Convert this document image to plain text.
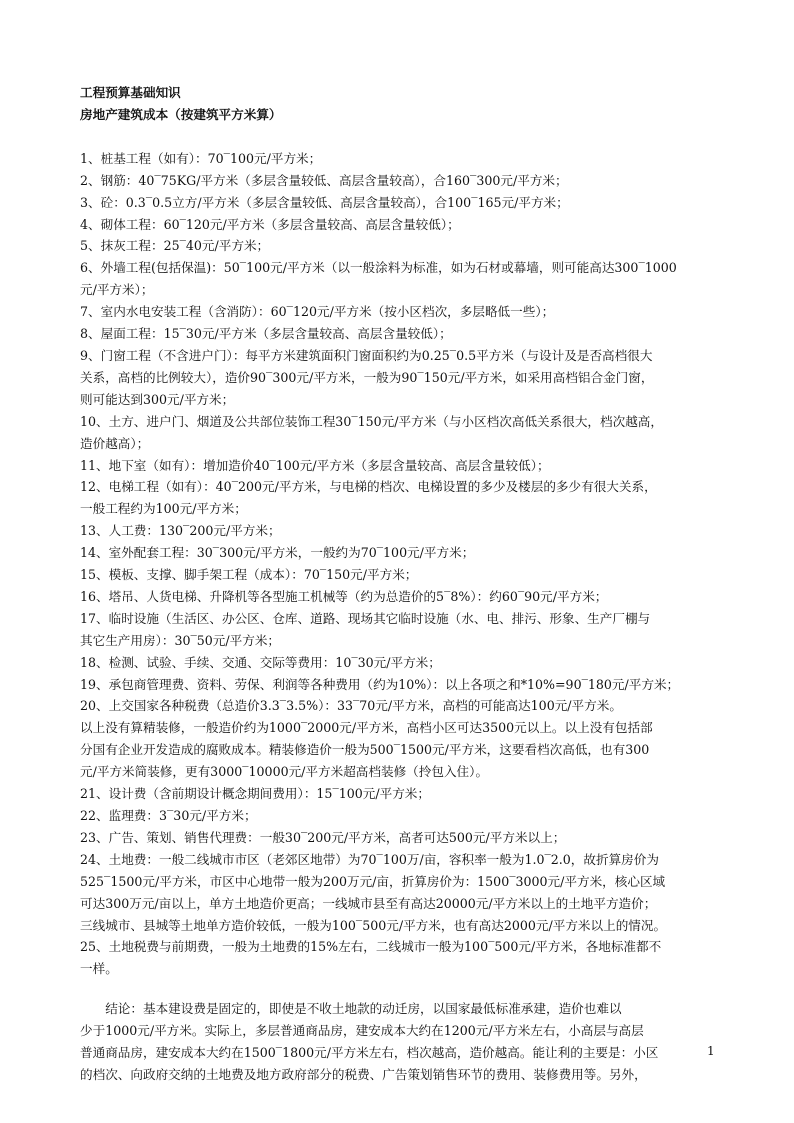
工程预算基础知识

房地产建筑成本（按建筑平方米算）

1、桩基工程（如有）：70‾100元/平方米；

2、钢筋：40‾75KG/平方米（多层含量较低、高层含量较高），合160‾300元/平方米；

3、砼：0.3‾0.5立方/平方米（多层含量较低、高层含量较高），合100‾165元/平方米；

4、砌体工程：60‾120元/平方米（多层含量较高、高层含量较低）；

5、抹灰工程：25‾40元/平方米；

6、外墙工程(包括保温)：50‾100元/平方米（以一般涂料为标准，如为石材或幕墙，则可能高达300‾1000

元/平方米）；

7、室内水电安装工程（含消防）：60‾120元/平方米（按小区档次，多层略低一些）；

8、屋面工程：15‾30元/平方米（多层含量较高、高层含量较低）；

9、门窗工程（不含进户门）：每平方米建筑面积门窗面积约为0.25‾0.5平方米（与设计及是否高档很大

关系，高档的比例较大），造价90‾300元/平方米，一般为90‾150元/平方米，如采用高档铝合金门窗，

则可能达到300元/平方米；

10、土方、进户门、烟道及公共部位装饰工程30‾150元/平方米（与小区档次高低关系很大，档次越高，

造价越高）；

11、地下室（如有）：增加造价40‾100元/平方米（多层含量较高、高层含量较低）；

12、电梯工程（如有）：40‾200元/平方米，与电梯的档次、电梯设置的多少及楼层的多少有很大关系，

一般工程约为100元/平方米；

13、人工费：130‾200元/平方米；

14、室外配套工程：30‾300元/平方米，一般约为70‾100元/平方米；

15、模板、支撑、脚手架工程（成本）：70‾150元/平方米；

16、塔吊、人货电梯、升降机等各型施工机械等（约为总造价的5‾8%）：约60‾90元/平方米；

17、临时设施（生活区、办公区、仓库、道路、现场其它临时设施（水、电、排污、形象、生产厂棚与

其它生产用房）：30‾50元/平方米；

18、检测、试验、手续、交通、交际等费用：10‾30元/平方米；

19、承包商管理费、资料、劳保、利润等各种费用（约为10%）：以上各项之和*10%=90‾180元/平方米；

20、上交国家各种税费（总造价3.3‾3.5%）：33‾70元/平方米，高档的可能高达100元/平方米。

以上没有算精装修，一般造价约为1000‾2000元/平方米，高档小区可达3500元以上。以上没有包括部

分国有企业开发造成的腐败成本。精装修造价一般为500‾1500元/平方米，这要看档次高低，也有300

元/平方米简装修，更有3000‾10000元/平方米超高档装修（拎包入住）。

21、设计费（含前期设计概念期间费用）：15‾100元/平方米；

22、监理费：3‾30元/平方米；

23、广告、策划、销售代理费：一般30‾200元/平方米，高者可达500元/平方米以上；

24、土地费：一般二线城市市区（老郊区地带）为70‾100万/亩，容积率一般为1.0‾2.0，故折算房价为

525‾1500元/平方米，市区中心地带一般为200万元/亩，折算房价为：1500‾3000元/平方米，核心区域

可达300万元/亩以上，单方土地造价更高；一线城市县至有高达20000元/平方米以上的土地平方造价；

三线城市、县城等土地单方造价较低，一般为100‾500元/平方米，也有高达2000元/平方米以上的情况。

25、土地税费与前期费，一般为土地费的15%左右，二线城市一般为100‾500元/平方米，各地标准都不

一样。

　　结论：基本建设费是固定的，即使是不收土地款的动迁房，以国家最低标准承建，造价也难以

少于1000元/平方米。实际上，多层普通商品房，建安成本大约在1200元/平方米左右，小高层与高层

普通商品房，建安成本大约在1500‾1800元/平方米左右，档次越高，造价越高。能让利的主要是：小区

的档次、向政府交纳的土地费及地方政府部分的税费、广告策划销售环节的费用、装修费用等。另外，

1
